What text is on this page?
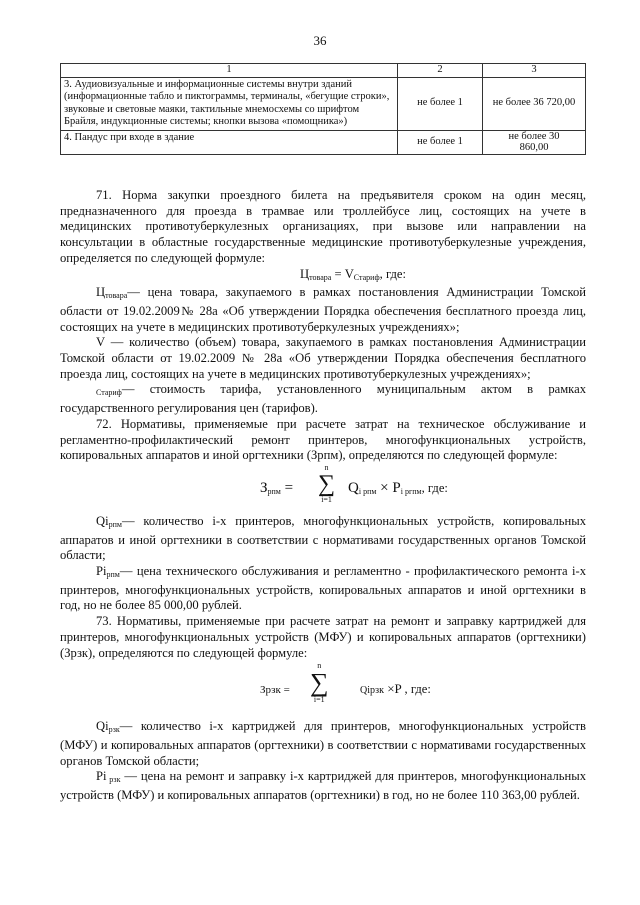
36
1	2	3
3. Аудиовизуальные и информационные системы внутри зданий (информационные табло и пиктограммы, терминалы, «бегущие строки», звуковые и световые маяки, тактильные мнемосхемы со шрифтом Брайля, индукционные системы; кнопки вызова «помощника»)	не более 1	не более 36 720,00
4. Пандус при входе в здание	не более 1	не более 30 860,00

71. Норма закупки проездного билета на предъявителя сроком на один месяц, предназначенного для проезда в трамвае или троллейбусе лиц, состоящих на учете в медицинских противотуберкулезных организациях, при вызове или направлении на консультации в областные государственные медицинские противотуберкулезные учреждения, определяется по следующей формуле:

$Ц_{товара} = V_{Стариф}$, где:

$Ц_{товара}—$ цена товара, закупаемого в рамках постановления Администрации Томской области от 19.02.2009№ 28а «Об утверждении Порядка обеспечения бесплатного проезда лиц, состоящих на учете в медицинских противотуберкулезных учреждениях»;

V — количество (объем) товара, закупаемого в рамках постановления Администрации Томской области от 19.02.2009 № 28а «Об утверждении Порядка обеспечения бесплатного проезда лиц, состоящих на учете в медицинских противотуберкулезных учреждениях»;

$_{Стариф}$— стоимость тарифа, установленного муниципальным актом в рамках государственного регулирования цен (тарифов).

72. Нормативы, применяемые при расчете затрат на техническое обслуживание и регламентно-профилактический ремонт принтеров, многофункциональных устройств, копировальных аппаратов и иной оргтехники (Зрпм), определяются по следующей формуле:

$З_{рпм}$ =
n
∑
i=1
$Q_{i рпм} \times P_{i ргпм}$, где:

$Qi_{рпм}—$ количество i-х принтеров, многофункциональных устройств, копировальных аппаратов и иной оргтехники в соответствии с нормативами государственных органов Томской области;

$Pi_{рпм}—$ цена технического обслуживания и регламентно - профилактического ремонта i-х принтеров, многофункциональных устройств, копировальных аппаратов и иной оргтехники в год, но не более 85 000,00 рублей.

73. Нормативы, применяемые при расчете затрат на ремонт и заправку картриджей для принтеров, многофункциональных устройств (МФУ) и копировальных аппаратов (оргтехники) (Зрзк), определяются по следующей формуле:

Зрзк =
n
∑
i=1
Qiрзк ×P , где:

$Qi_{рзк}—$ количество i-х картриджей для принтеров, многофункциональных устройств (МФУ) и копировальных аппаратов (оргтехники) в соответствии с нормативами государственных органов Томской области;

Pi $_{рзк}$ — цена на ремонт и заправку i-х картриджей для принтеров, многофункциональных устройств (МФУ) и копировальных аппаратов (оргтехники) в год, но не более 110 363,00 рублей.
